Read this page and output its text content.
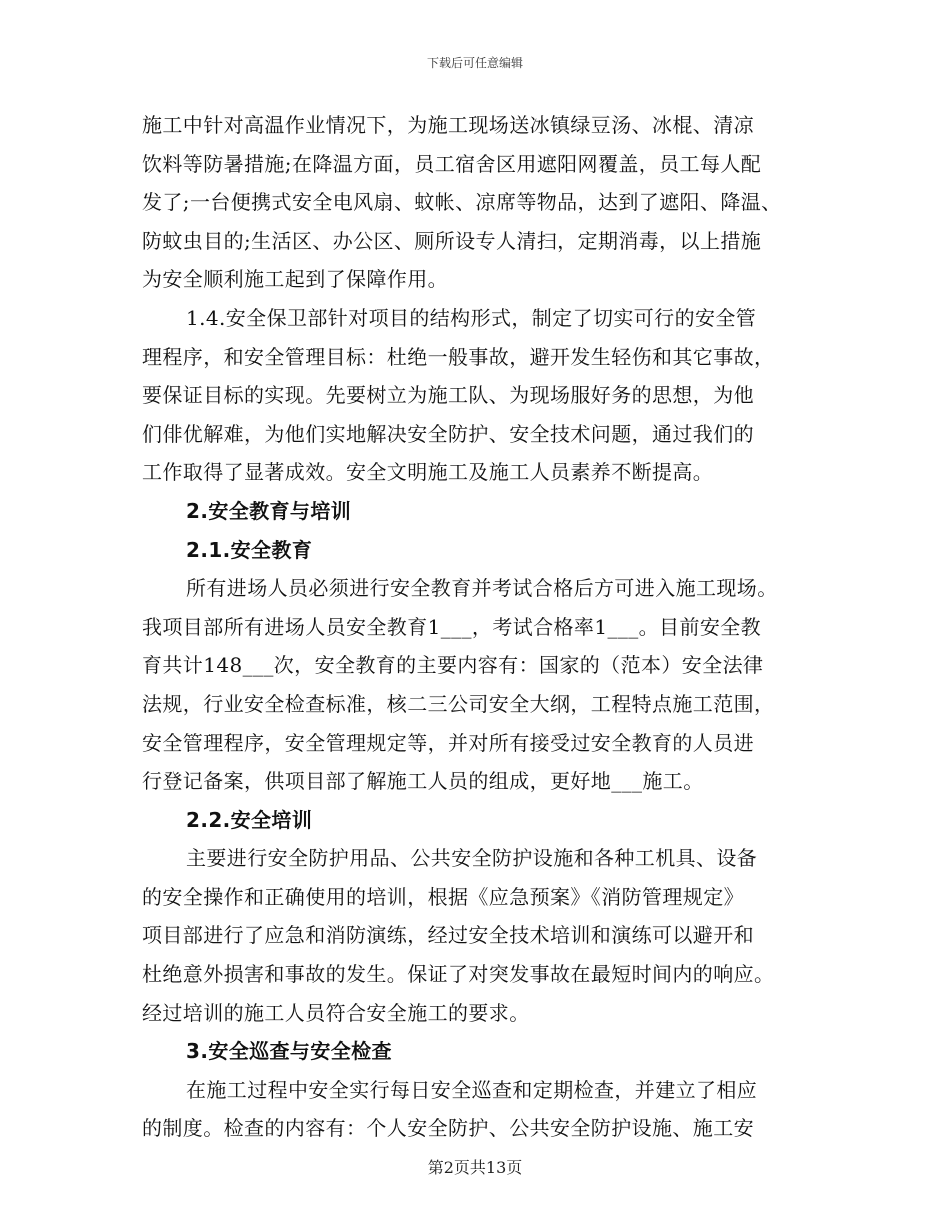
下载后可任意编辑
施工中针对高温作业情况下，为施工现场送冰镇绿豆汤、冰棍、清凉
饮料等防暑措施;在降温方面，员工宿舍区用遮阳网覆盖，员工每人配
发了;一台便携式安全电风扇、蚊帐、凉席等物品，达到了遮阳、降温、
防蚊虫目的;生活区、办公区、厕所设专人清扫，定期消毒，以上措施
为安全顺利施工起到了保障作用。
1.4.安全保卫部针对项目的结构形式，制定了切实可行的安全管
理程序，和安全管理目标：杜绝一般事故，避开发生轻伤和其它事故，
要保证目标的实现。先要树立为施工队、为现场服好务的思想，为他
们俳优解难，为他们实地解决安全防护、安全技术问题，通过我们的
工作取得了显著成效。安全文明施工及施工人员素养不断提高。
2.安全教育与培训
2.1.安全教育
所有进场人员必须进行安全教育并考试合格后方可进入施工现场。
我项目部所有进场人员安全教育1___，考试合格率1___。目前安全教
育共计148___次，安全教育的主要内容有：国家的（范本）安全法律
法规，行业安全检查标准，核二三公司安全大纲，工程特点施工范围，
安全管理程序，安全管理规定等，并对所有接受过安全教育的人员进
行登记备案，供项目部了解施工人员的组成，更好地___施工。
2.2.安全培训
主要进行安全防护用品、公共安全防护设施和各种工机具、设备
的安全操作和正确使用的培训，根据《应急预案》《消防管理规定》
项目部进行了应急和消防演练，经过安全技术培训和演练可以避开和
杜绝意外损害和事故的发生。保证了对突发事故在最短时间内的响应。
经过培训的施工人员符合安全施工的要求。
3.安全巡查与安全检查
在施工过程中安全实行每日安全巡查和定期检查，并建立了相应
的制度。检查的内容有：个人安全防护、公共安全防护设施、施工安
第2页共13页
